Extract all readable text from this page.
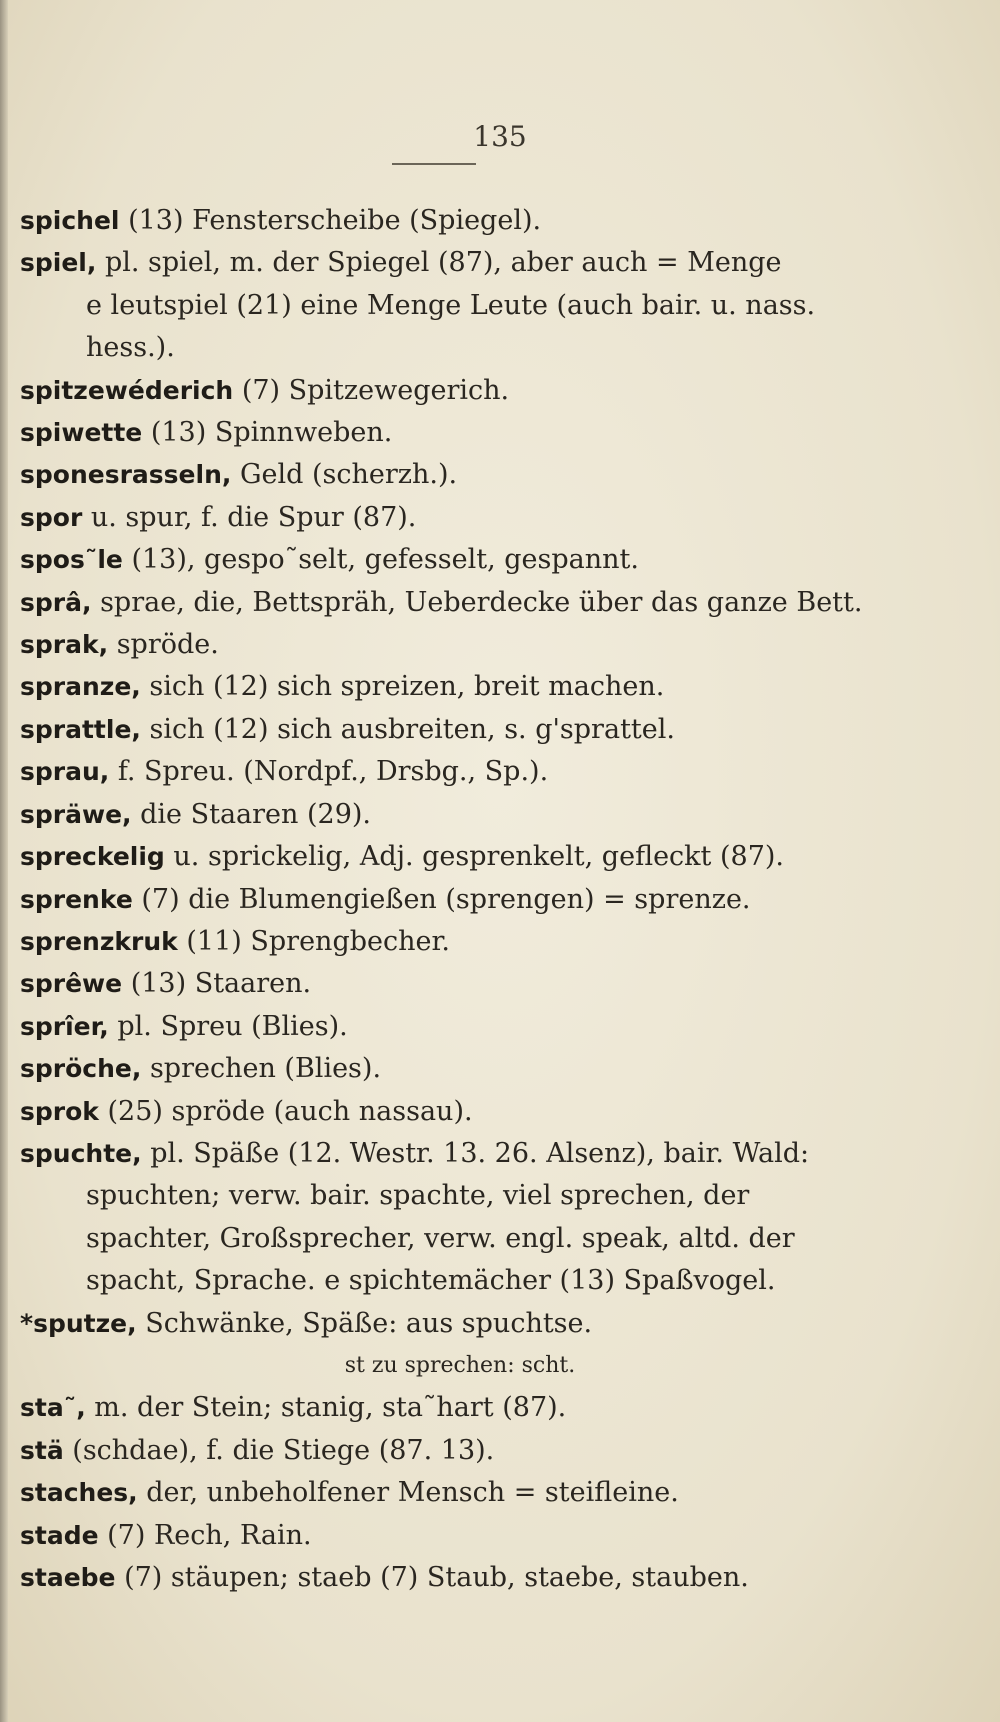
135
spichel (13) Fensterscheibe (Spiegel).
spiel, pl. spiel, m. der Spiegel (87), aber auch = Menge
e leutspiel (21) eine Menge Leute (auch bair. u. nass.
hess.).
spitzewéderich (7) Spitzewegerich.
spiwette (13) Spinnweben.
sponesrasseln, Geld (scherzh.).
spor u. spur, f. die Spur (87).
spos˜le (13), gespo˜selt, gefesselt, gespannt.
sprâ, sprae, die, Bettspräh, Ueberdecke über das ganze Bett.
sprak, spröde.
spranze, sich (12) sich spreizen, breit machen.
sprattle, sich (12) sich ausbreiten, s. g'sprattel.
sprau, f. Spreu. (Nordpf., Drsbg., Sp.).
spräwe, die Staaren (29).
spreckelig u. sprickelig, Adj. gesprenkelt, gefleckt (87).
sprenke (7) die Blumengießen (sprengen) = sprenze.
sprenzkruk (11) Sprengbecher.
sprêwe (13) Staaren.
sprîer, pl. Spreu (Blies).
spröche, sprechen (Blies).
sprok (25) spröde (auch nassau).
spuchte, pl. Späße (12. Westr. 13. 26. Alsenz), bair. Wald:
spuchten; verw. bair. spachte, viel sprechen, der
spachter, Großsprecher, verw. engl. speak, altd. der
spacht, Sprache. e spichtemächer (13) Spaßvogel.
*sputze, Schwänke, Späße: aus spuchtse.
st zu sprechen: scht.
sta˜, m. der Stein; stanig, sta˜hart (87).
stä (schdae), f. die Stiege (87. 13).
staches, der, unbeholfener Mensch = steifleine.
stade (7) Rech, Rain.
staebe (7) stäupen; staeb (7) Staub, staebe, stauben.
